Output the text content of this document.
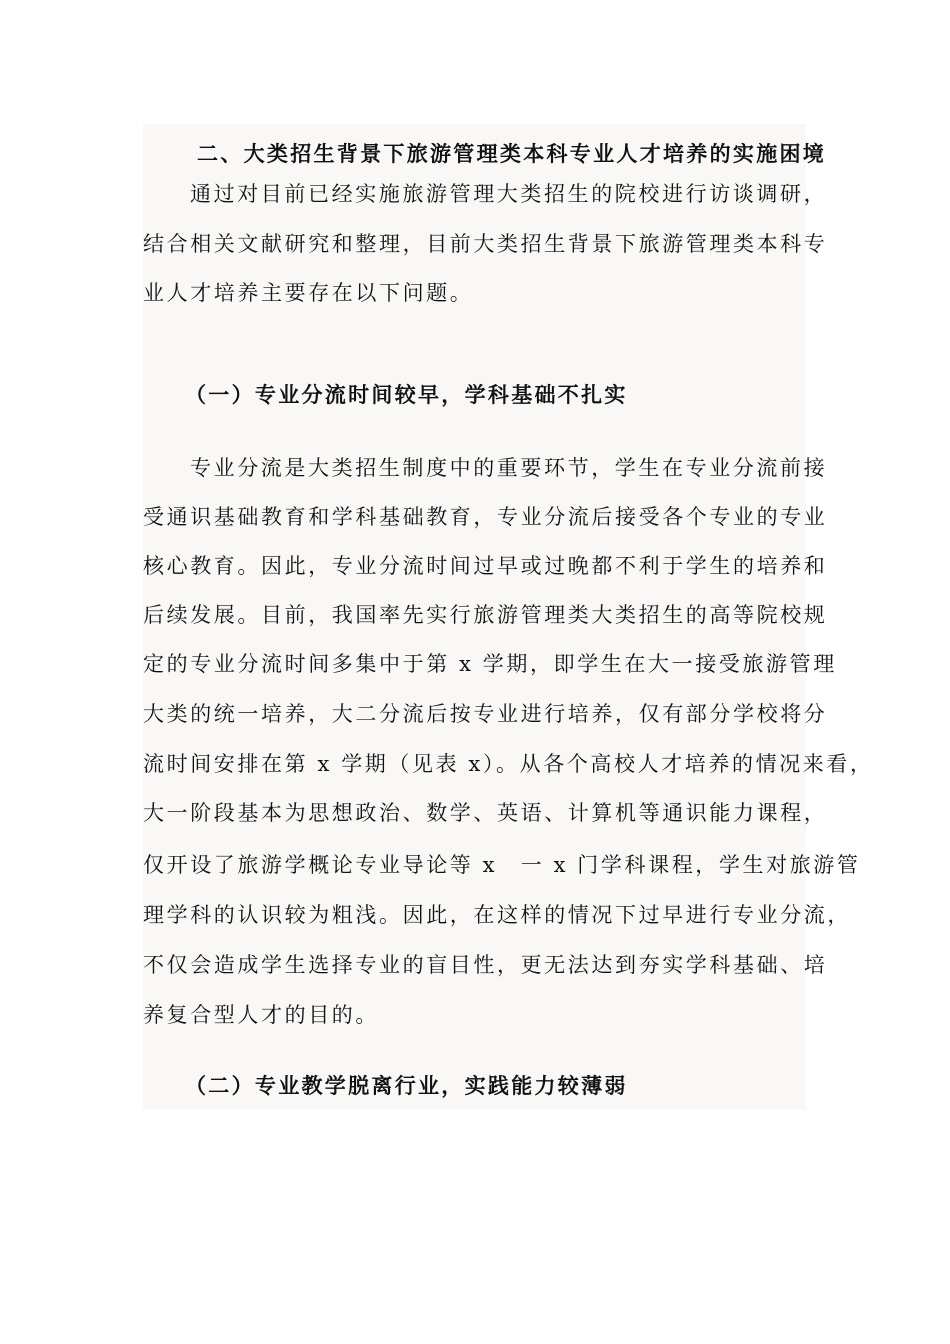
二、大类招生背景下旅游管理类本科专业人才培养的实施困境
通过对目前已经实施旅游管理大类招生的院校进行访谈调研，
结合相关文献研究和整理，目前大类招生背景下旅游管理类本科专
业人才培养主要存在以下问题。
（一）专业分流时间较早，学科基础不扎实
专业分流是大类招生制度中的重要环节，学生在专业分流前接
受通识基础教育和学科基础教育，专业分流后接受各个专业的专业
核心教育。因此，专业分流时间过早或过晚都不利于学生的培养和
后续发展。目前，我国率先实行旅游管理类大类招生的高等院校规
定的专业分流时间多集中于第 x 学期，即学生在大一接受旅游管理
大类的统一培养，大二分流后按专业进行培养，仅有部分学校将分
流时间安排在第 x 学期（见表 x）。从各个高校人才培养的情况来看，
大一阶段基本为思想政治、数学、英语、计算机等通识能力课程，
仅开设了旅游学概论专业导论等 x　一 x 门学科课程，学生对旅游管
理学科的认识较为粗浅。因此，在这样的情况下过早进行专业分流，
不仅会造成学生选择专业的盲目性，更无法达到夯实学科基础、培
养复合型人才的目的。
（二）专业教学脱离行业，实践能力较薄弱
